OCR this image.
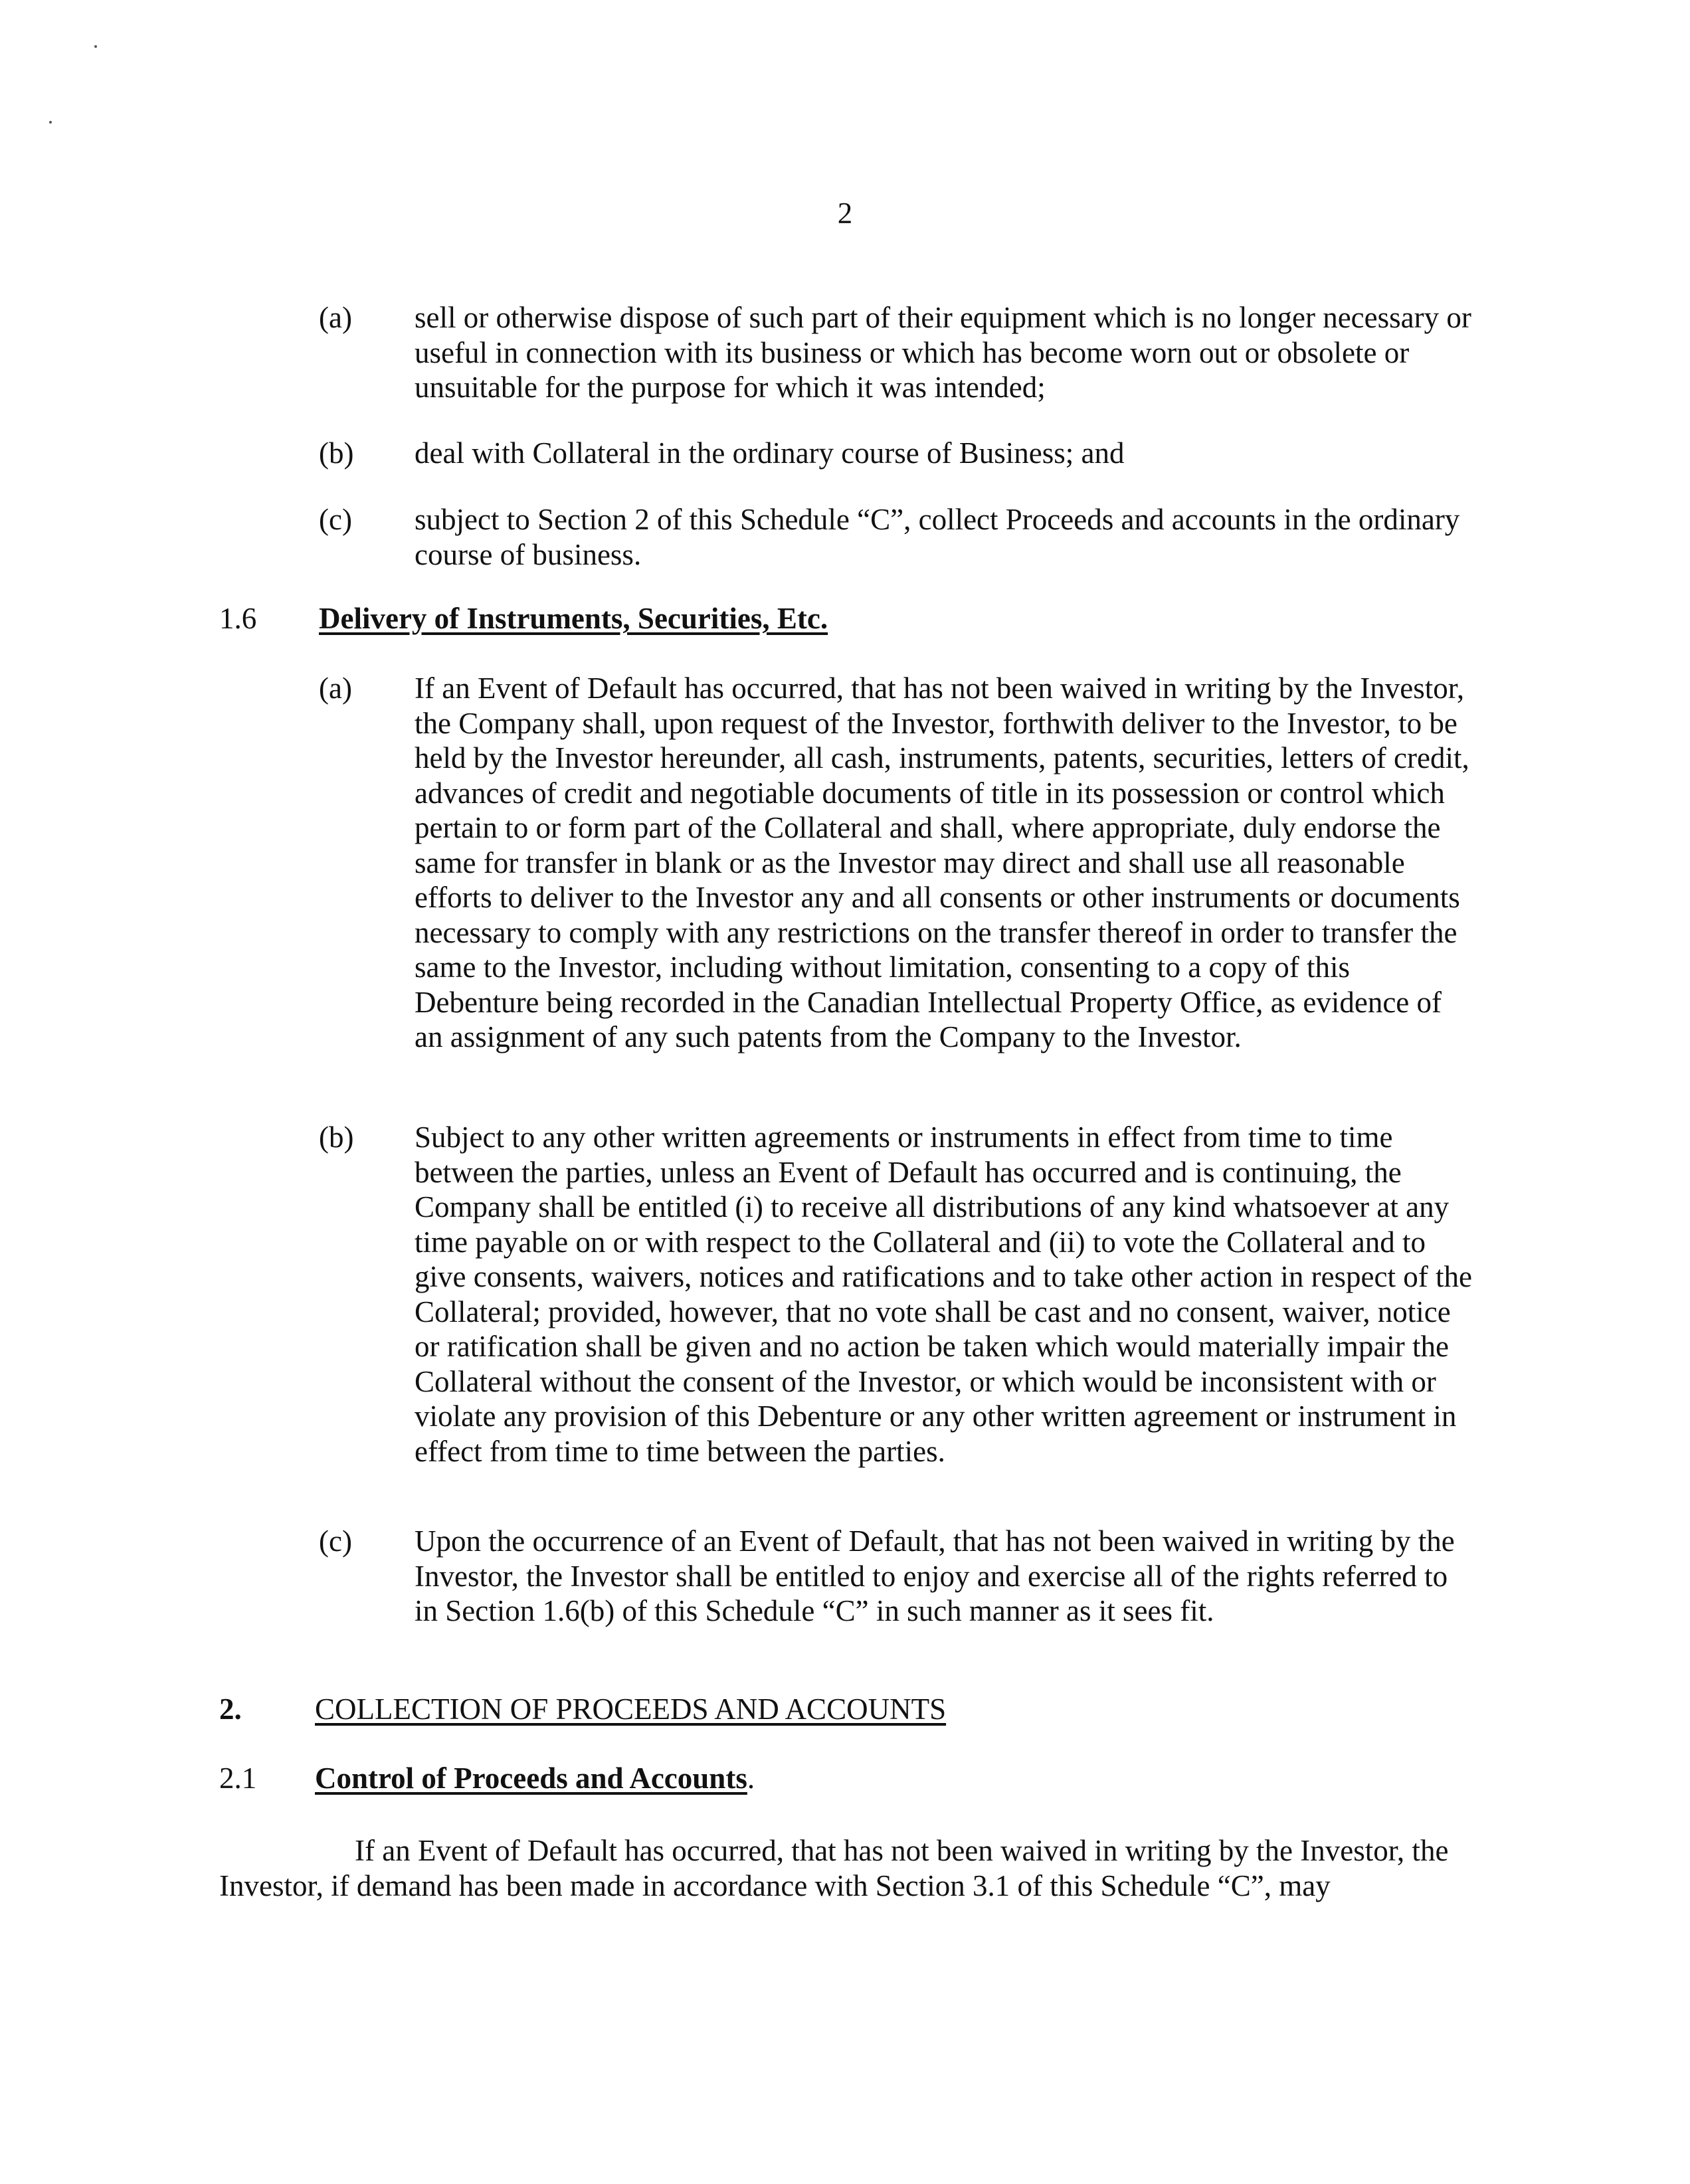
2
(a) sell or otherwise dispose of such part of their equipment which is no longer necessary or useful in connection with its business or which has become worn out or obsolete or unsuitable for the purpose for which it was intended;
(b) deal with Collateral in the ordinary course of Business; and
(c) subject to Section 2 of this Schedule “C”, collect Proceeds and accounts in the ordinary course of business.
1.6 Delivery of Instruments, Securities, Etc.
(a) If an Event of Default has occurred, that has not been waived in writing by the Investor, the Company shall, upon request of the Investor, forthwith deliver to the Investor, to be held by the Investor hereunder, all cash, instruments, patents, securities, letters of credit, advances of credit and negotiable documents of title in its possession or control which pertain to or form part of the Collateral and shall, where appropriate, duly endorse the same for transfer in blank or as the Investor may direct and shall use all reasonable efforts to deliver to the Investor any and all consents or other instruments or documents necessary to comply with any restrictions on the transfer thereof in order to transfer the same to the Investor, including without limitation, consenting to a copy of this Debenture being recorded in the Canadian Intellectual Property Office, as evidence of an assignment of any such patents from the Company to the Investor.
(b) Subject to any other written agreements or instruments in effect from time to time between the parties, unless an Event of Default has occurred and is continuing, the Company shall be entitled (i) to receive all distributions of any kind whatsoever at any time payable on or with respect to the Collateral and (ii) to vote the Collateral and to give consents, waivers, notices and ratifications and to take other action in respect of the Collateral; provided, however, that no vote shall be cast and no consent, waiver, notice or ratification shall be given and no action be taken which would materially impair the Collateral without the consent of the Investor, or which would be inconsistent with or violate any provision of this Debenture or any other written agreement or instrument in effect from time to time between the parties.
(c) Upon the occurrence of an Event of Default, that has not been waived in writing by the Investor, the Investor shall be entitled to enjoy and exercise all of the rights referred to in Section 1.6(b) of this Schedule “C” in such manner as it sees fit.
2. COLLECTION OF PROCEEDS AND ACCOUNTS
2.1 Control of Proceeds and Accounts.
If an Event of Default has occurred, that has not been waived in writing by the Investor, the Investor, if demand has been made in accordance with Section 3.1 of this Schedule “C”, may
